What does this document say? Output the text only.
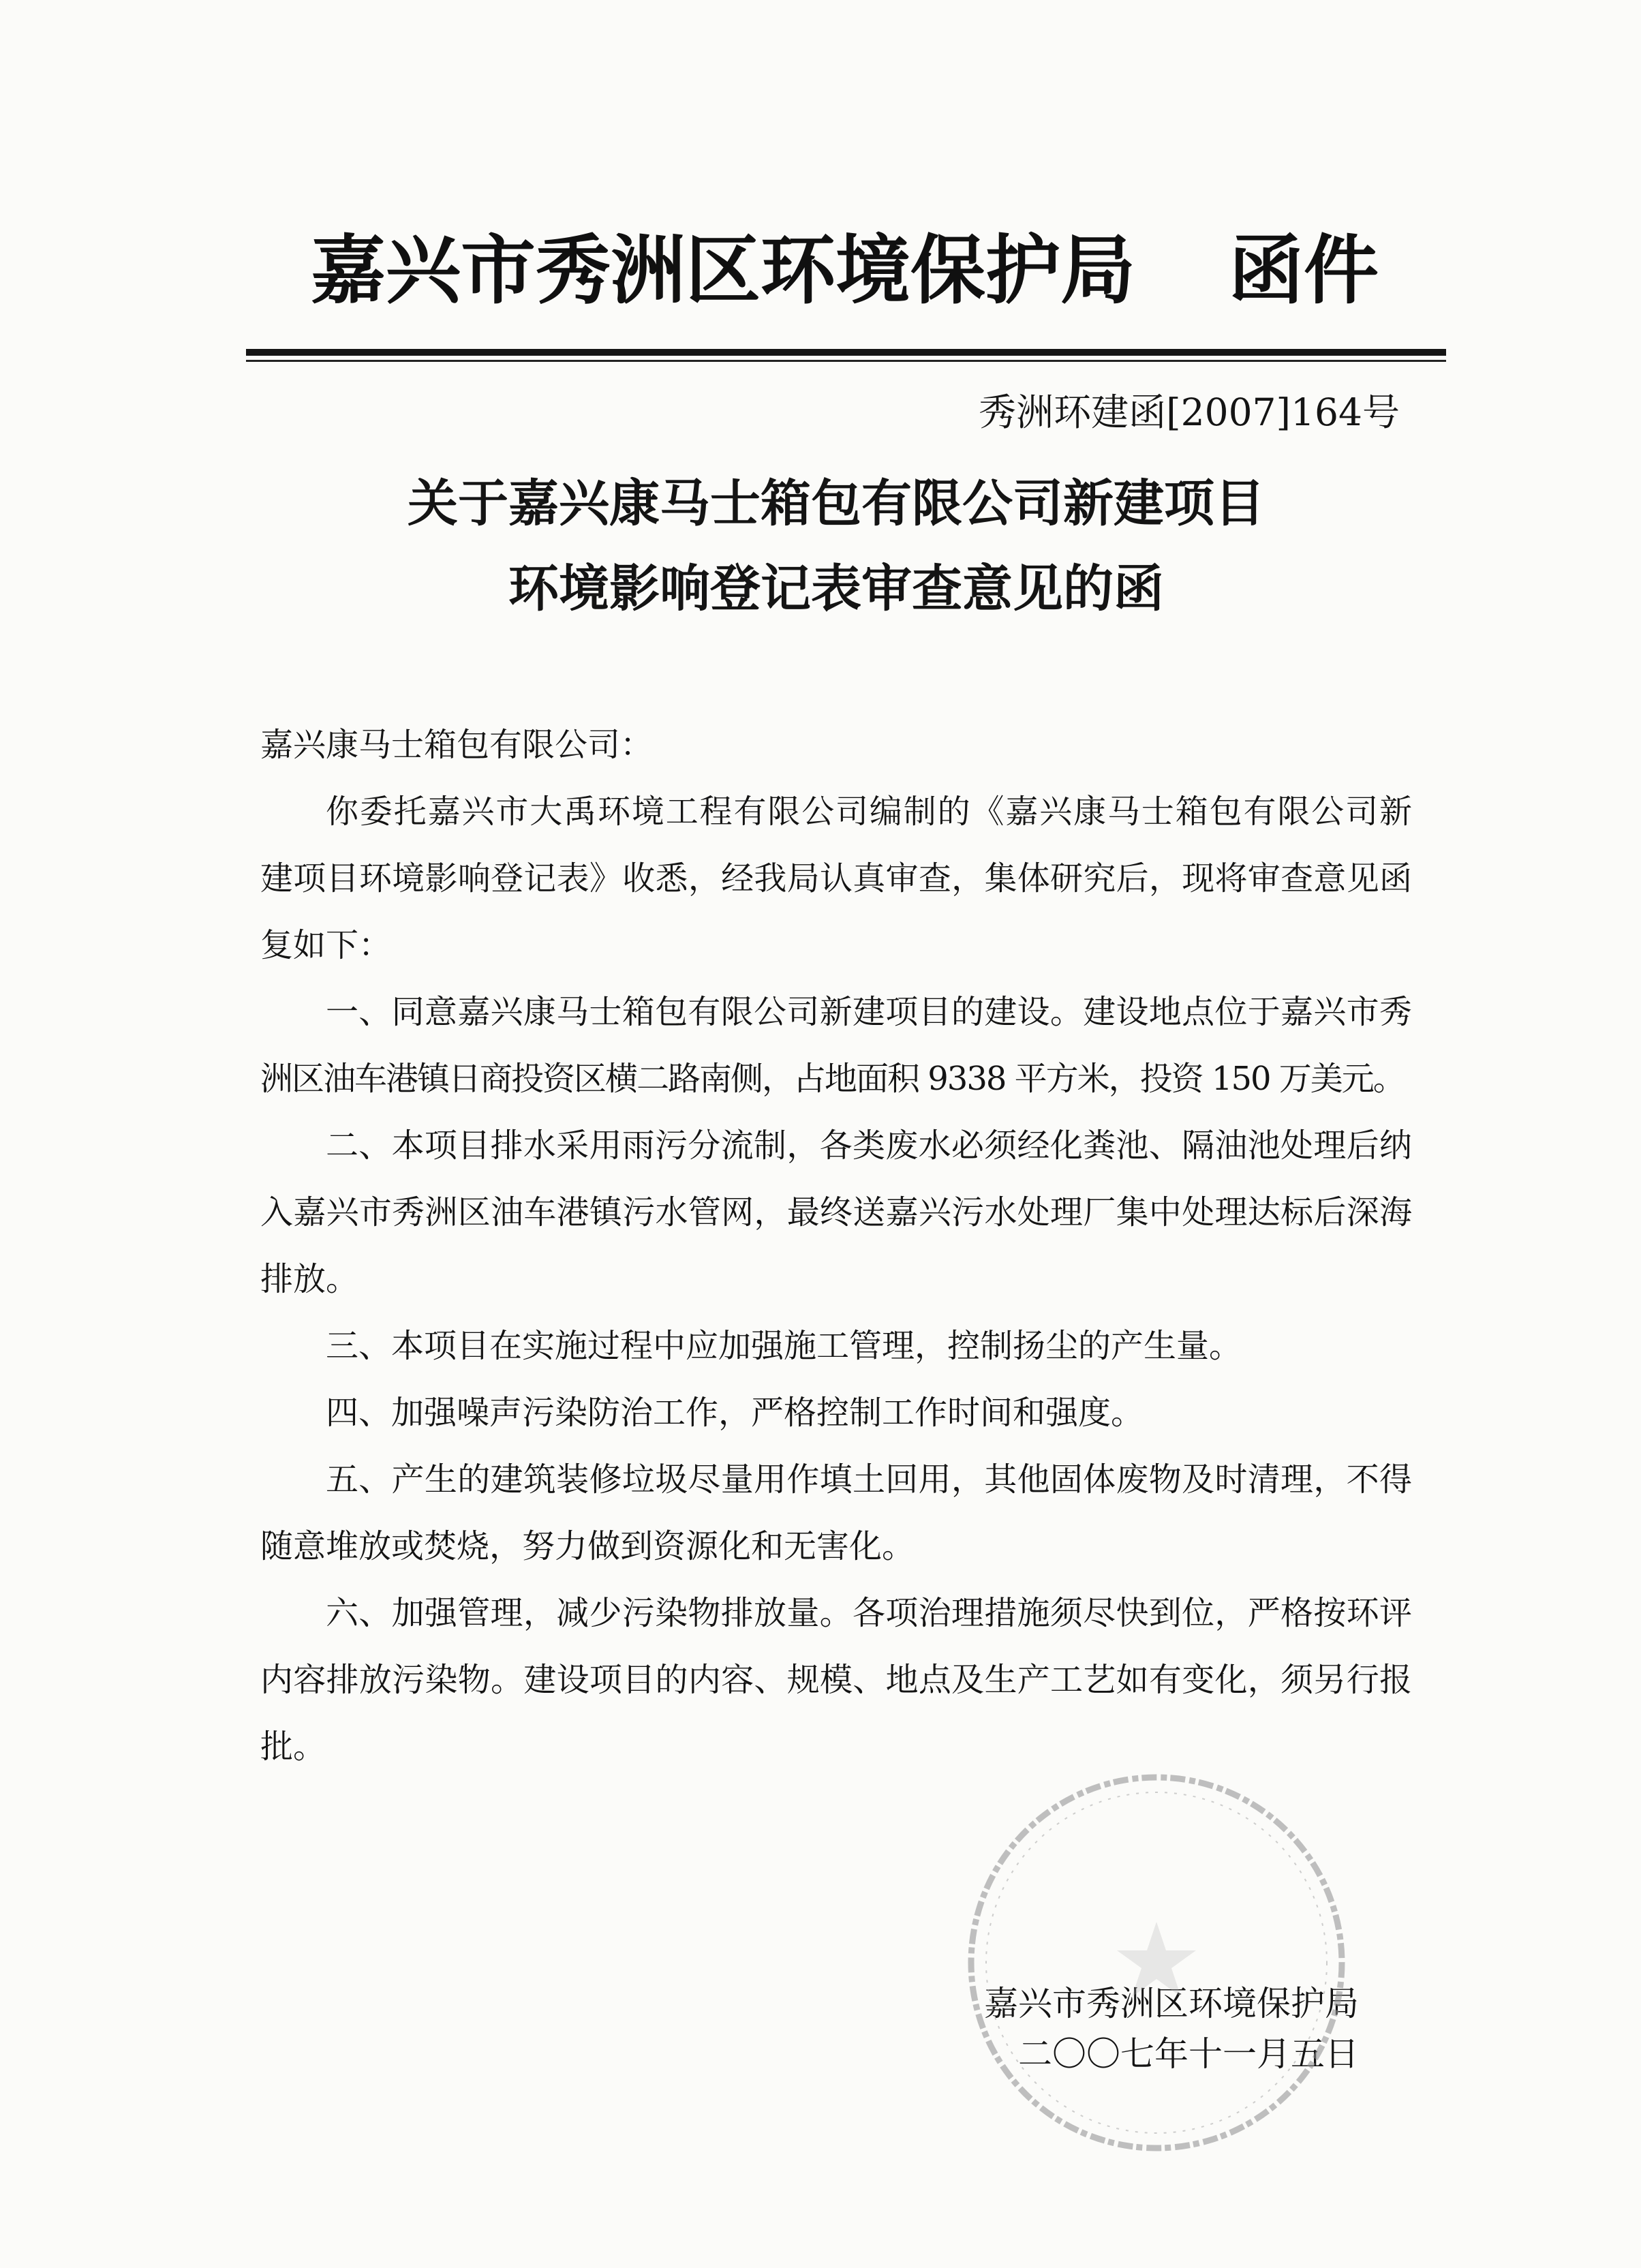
嘉兴市秀洲区环境保护局 函件
秀洲环建函[2007]164号
关于嘉兴康马士箱包有限公司新建项目
环境影响登记表审查意见的函
嘉兴康马士箱包有限公司：
你委托嘉兴市大禹环境工程有限公司编制的《嘉兴康马士箱包有限公司新
建项目环境影响登记表》收悉，经我局认真审查，集体研究后，现将审查意见函
复如下：
一、同意嘉兴康马士箱包有限公司新建项目的建设。建设地点位于嘉兴市秀
洲区油车港镇日商投资区横二路南侧，占地面积 9338 平方米，投资 150 万美元。
二、本项目排水采用雨污分流制，各类废水必须经化粪池、隔油池处理后纳
入嘉兴市秀洲区油车港镇污水管网，最终送嘉兴污水处理厂集中处理达标后深海
排放。
三、本项目在实施过程中应加强施工管理，控制扬尘的产生量。
四、加强噪声污染防治工作，严格控制工作时间和强度。
五、产生的建筑装修垃圾尽量用作填土回用，其他固体废物及时清理，不得
随意堆放或焚烧，努力做到资源化和无害化。
六、加强管理，减少污染物排放量。各项治理措施须尽快到位，严格按环评
内容排放污染物。建设项目的内容、规模、地点及生产工艺如有变化，须另行报
批。
嘉兴市秀洲区环境保护局
二〇〇七年十一月五日
